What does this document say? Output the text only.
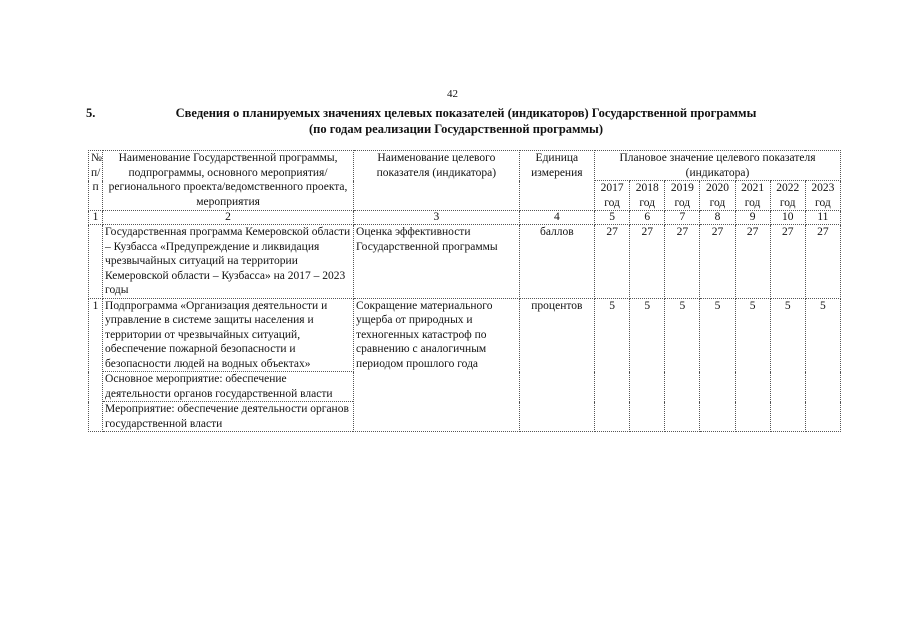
42
5.	Сведения о планируемых значениях целевых показателей (индикаторов) Государственной программы
(по годам реализации Государственной программы)
№ п/п	Наименование Государственной программы, подпрограммы, основного мероприятия/регионального проекта/ведомственного проекта, мероприятия	Наименование целевого показателя (индикатора)	Единица измерения	Плановое значение целевого показателя (индикатора)						
				2017 год	2018 год	2019 год	2020 год	2021 год	2022 год	2023 год
1	2	3	4	5	6	7	8	9	10	11
	Государственная программа Кемеровской области – Кузбасса «Предупреждение и ликвидация чрезвычайных ситуаций на территории Кемеровской области – Кузбасса» на 2017 – 2023 годы	Оценка эффективности Государственной программы	баллов	27	27	27	27	27	27	27
1	Подпрограмма «Организация деятельности и управление в системе защиты населения и территории от чрезвычайных ситуаций, обеспечение пожарной безопасности и безопасности людей на водных объектах»	Сокращение материального ущерба от природных и техногенных катастроф по сравнению с аналогичным периодом прошлого года	процентов	5	5	5	5	5	5	5
	Основное мероприятие: обеспечение деятельности органов государственной власти									
	Мероприятие: обеспечение деятельности органов государственной власти									
